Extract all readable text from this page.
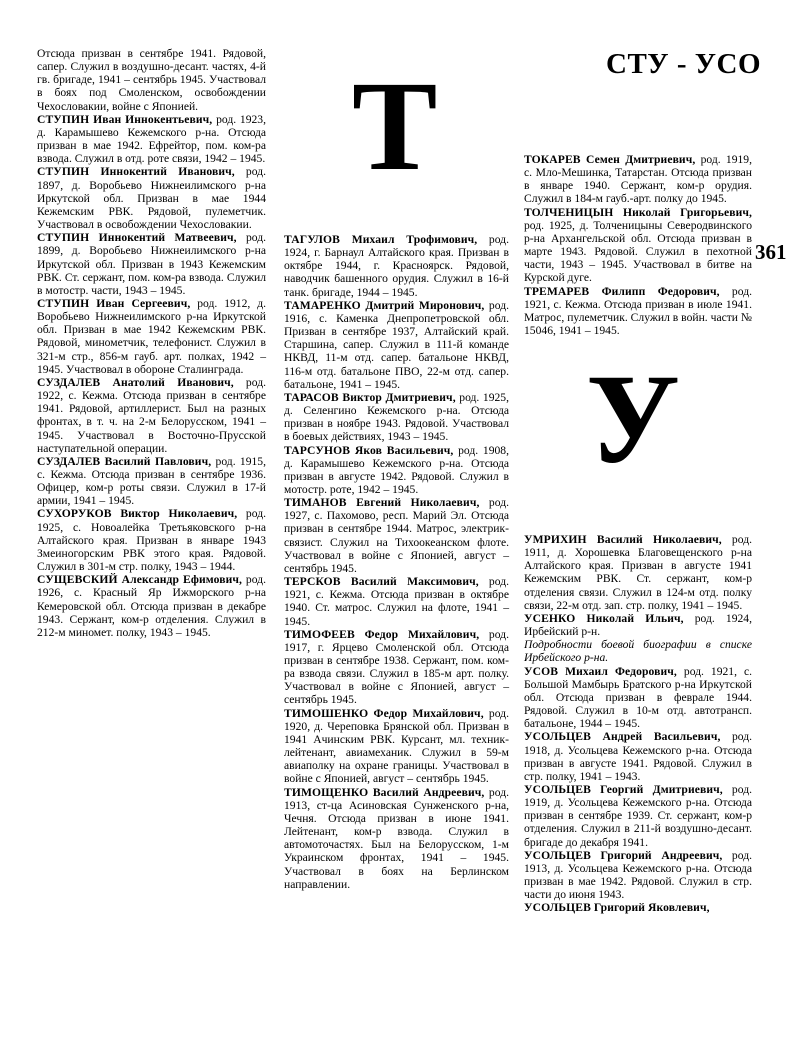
СТУ - УСО
361
Т
У

Отсюда призван в сентябре 1941. Рядовой, сапер. Служил в воздушно-десант. частях, 4-й гв. бригаде, 1941 – сентябрь 1945. Участвовал в боях под Смоленском, освобождении Чехословакии, войне с Японией.

СТУПИН Иван Иннокентьевич, род. 1923, д. Карамышево Кежемского р-на. Отсюда призван в мае 1942. Ефрейтор, пом. ком-ра взвода. Служил в отд. роте связи, 1942 – 1945.

СТУПИН Иннокентий Иванович, род. 1897, д. Воробьево Нижнеилимского р-на Иркутской обл. Призван в мае 1944 Кежемским РВК. Рядовой, пулеметчик. Участвовал в освобождении Чехословакии.

СТУПИН Иннокентий Матвеевич, род. 1899, д. Воробьево Нижнеилимского р-на Иркутской обл. Призван в 1943 Кежемским РВК. Ст. сержант, пом. ком-ра взвода. Служил в мотостр. части, 1943 – 1945.

СТУПИН Иван Сергеевич, род. 1912, д. Воробьево Нижнеилимского р-на Иркутской обл. Призван в мае 1942 Кежемским РВК. Рядовой, минометчик, телефонист. Служил в 321-м стр., 856-м гауб. арт. полках, 1942 – 1945. Участвовал в обороне Сталинграда.

СУЗДАЛЕВ Анатолий Иванович, род. 1922, с. Кежма. Отсюда призван в сентябре 1941. Рядовой, артиллерист. Был на разных фронтах, в т. ч. на 2-м Белорусском, 1941 – 1945. Участвовал в Восточно-Прусской наступательной операции.

СУЗДАЛЕВ Василий Павлович, род. 1915, с. Кежма. Отсюда призван в сентябре 1936. Офицер, ком-р роты связи. Служил в 17-й армии, 1941 – 1945.

СУХОРУКОВ Виктор Николаевич, род. 1925, с. Новоалейка Третьяковского р-на Алтайского края. Призван в январе 1943 Змеиногорским РВК этого края. Рядовой. Служил в 301-м стр. полку, 1943 – 1944.

СУЩЕВСКИЙ Александр Ефимович, род. 1926, с. Красный Яр Ижморского р-на Кемеровской обл. Отсюда призван в декабре 1943. Сержант, ком-р отделения. Служил в 212-м миномет. полку, 1943 – 1945.

ТАГУЛОВ Михаил Трофимович, род. 1924, г. Барнаул Алтайского края. Призван в октябре 1944, г. Красноярск. Рядовой, наводчик башенного орудия. Служил в 16-й танк. бригаде, 1944 – 1945.

ТАМАРЕНКО Дмитрий Миронович, род. 1916, с. Каменка Днепропетровской обл. Призван в сентябре 1937, Алтайский край. Старшина, сапер. Служил в 111-й команде НКВД, 11-м отд. сапер. батальоне НКВД, 116-м отд. батальоне ПВО, 22-м отд. сапер. батальоне, 1941 – 1945.

ТАРАСОВ Виктор Дмитриевич, род. 1925, д. Селенгино Кежемского р-на. Отсюда призван в ноябре 1943. Рядовой. Участвовал в боевых действиях, 1943 – 1945.

ТАРСУНОВ Яков Васильевич, род. 1908, д. Карамышево Кежемского р-на. Отсюда призван в августе 1942. Рядовой. Служил в мотостр. роте, 1942 – 1945.

ТИМАНОВ Евгений Николаевич, род. 1927, с. Пахомово, респ. Марий Эл. Отсюда призван в сентябре 1944. Матрос, электрик-связист. Служил на Тихоокеанском флоте. Участвовал в войне с Японией, август – сентябрь 1945.

ТЕРСКОВ Василий Максимович, род. 1921, с. Кежма. Отсюда призван в октябре 1940. Ст. матрос. Служил на флоте, 1941 – 1945.

ТИМОФЕЕВ Федор Михайлович, род. 1917, г. Ярцево Смоленской обл. Отсюда призван в сентябре 1938. Сержант, пом. ком-ра взвода связи. Служил в 185-м арт. полку. Участвовал в войне с Японией, август – сентябрь 1945.

ТИМОШЕНКО Федор Михайлович, род. 1920, д. Череповка Брянской обл. Призван в 1941 Ачинским РВК. Курсант, мл. техник-лейтенант, авиамеханик. Служил в 59-м авиаполку на охране границы. Участвовал в войне с Японией, август – сентябрь 1945.

ТИМОЩЕНКО Василий Андреевич, род. 1913, ст-ца Асиновская Сунженского р-на, Чечня. Отсюда призван в июне 1941. Лейтенант, ком-р взвода. Служил в автомоточастях. Был на Белорусском, 1-м Украинском фронтах, 1941 – 1945. Участвовал в боях на Берлинском направлении.

ТОКАРЕВ Семен Дмитриевич, род. 1919, с. Мло-Мешинка, Татарстан. Отсюда призван в январе 1940. Сержант, ком-р орудия. Служил в 184-м гауб.-арт. полку до 1945.

ТОЛЧЕНИЦЫН Николай Григорьевич, род. 1925, д. Толченицыны Северодвинского р-на Архангельской обл. Отсюда призван в марте 1943. Рядовой. Служил в пехотной части, 1943 – 1945. Участвовал в битве на Курской дуге.

ТРЕМАРЕВ Филипп Федорович, род. 1921, с. Кежма. Отсюда призван в июле 1941. Матрос, пулеметчик. Служил в войн. части № 15046, 1941 – 1945.

УМРИХИН Василий Николаевич, род. 1911, д. Хорошевка Благовещенского р-на Алтайского края. Призван в августе 1941 Кежемским РВК. Ст. сержант, ком-р отделения связи. Служил в 124-м отд. полку связи, 22-м отд. зап. стр. полку, 1941 – 1945.

УСЕНКО Николай Ильич, род. 1924, Ирбейский р-н.
Подробности боевой биографии в списке Ирбейского р-на.

УСОВ Михаил Федорович, род. 1921, с. Большой Мамбырь Братского р-на Иркутской обл. Отсюда призван в феврале 1944. Рядовой. Служил в 10-м отд. автотрансп. батальоне, 1944 – 1945.

УСОЛЬЦЕВ Андрей Васильевич, род. 1918, д. Усольцева Кежемского р-на. Отсюда призван в августе 1941. Рядовой. Служил в стр. полку, 1941 – 1943.

УСОЛЬЦЕВ Георгий Дмитриевич, род. 1919, д. Усольцева Кежемского р-на. Отсюда призван в сентябре 1939. Ст. сержант, ком-р отделения. Служил в 211-й воздушно-десант. бригаде до декабря 1941.

УСОЛЬЦЕВ Григорий Андреевич, род. 1913, д. Усольцева Кежемского р-на. Отсюда призван в мае 1942. Рядовой. Служил в стр. части до июня 1943.

УСОЛЬЦЕВ Григорий Яковлевич,
